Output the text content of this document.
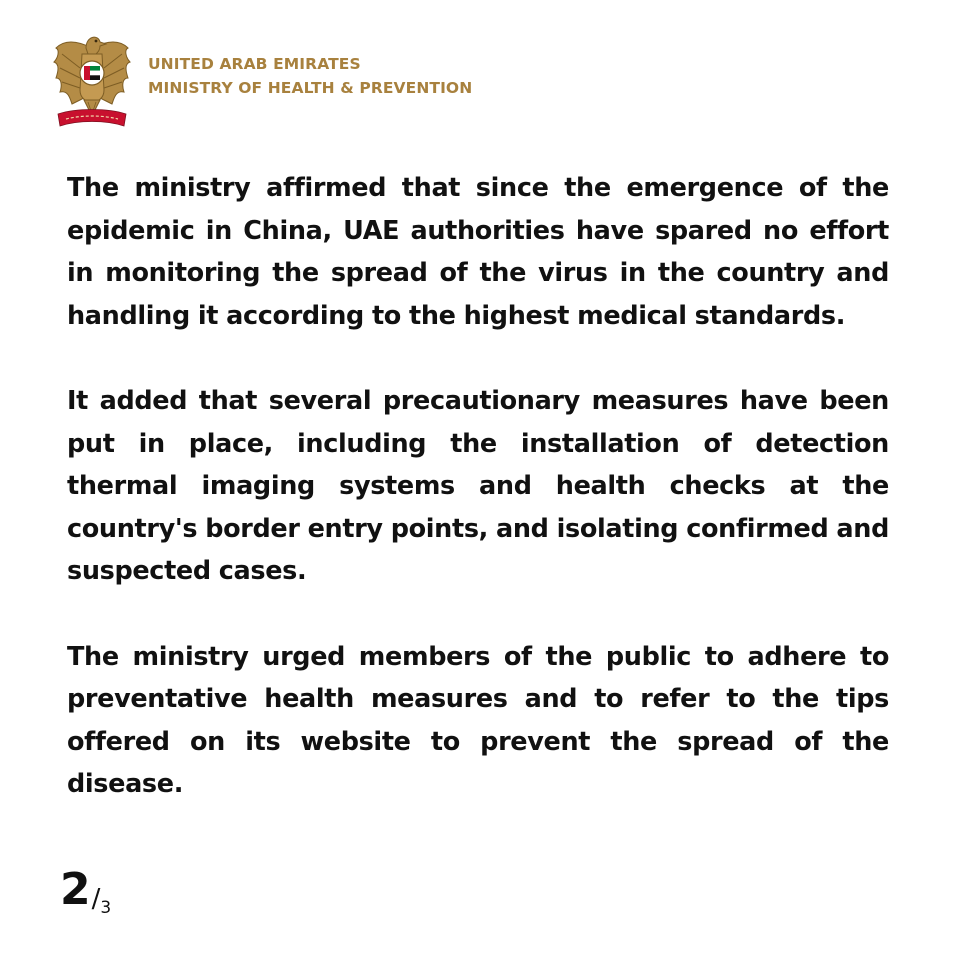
UNITED ARAB EMIRATES
MINISTRY OF HEALTH & PREVENTION

The ministry affirmed that since the emergence of the epidemic in China, UAE authorities have spared no effort in monitoring the spread of the virus in the country and handling it according to the highest medical standards.

It added that several precautionary measures have been put in place, including the installation of detection thermal imaging systems and health checks at the country's border entry points, and isolating confirmed and suspected cases.

The ministry urged members of the public to adhere to preventative health measures and to refer to the tips offered on its website to prevent the spread of the disease.

2 / 3
